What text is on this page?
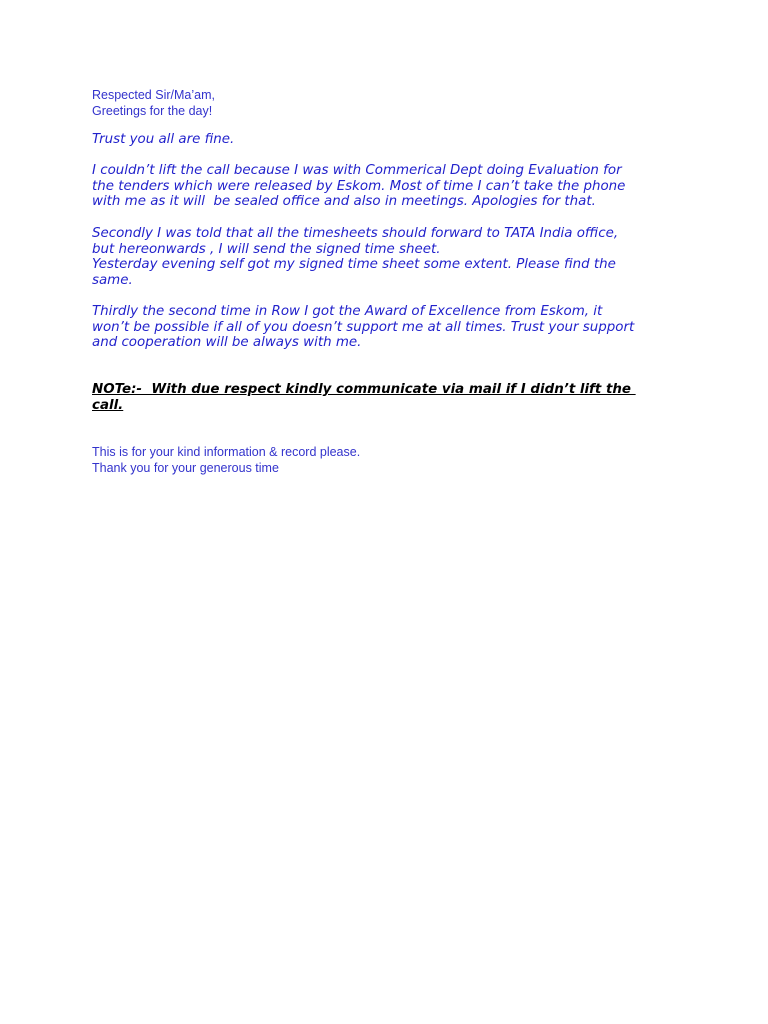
Respected Sir/Ma’am,
Greetings for the day!
Trust you all are fine.
I couldn’t lift the call because I was with Commerical Dept doing Evaluation for
the tenders which were released by Eskom. Most of time I can’t take the phone
with me as it will  be sealed office and also in meetings. Apologies for that.
Secondly I was told that all the timesheets should forward to TATA India office,
but hereonwards , I will send the signed time sheet.
Yesterday evening self got my signed time sheet some extent. Please find the
same.
Thirdly the second time in Row I got the Award of Excellence from Eskom, it
won’t be possible if all of you doesn’t support me at all times. Trust your support
and cooperation will be always with me.
NOTe:-  With due respect kindly communicate via mail if I didn’t lift the
call.
This is for your kind information & record please.
Thank you for your generous time
